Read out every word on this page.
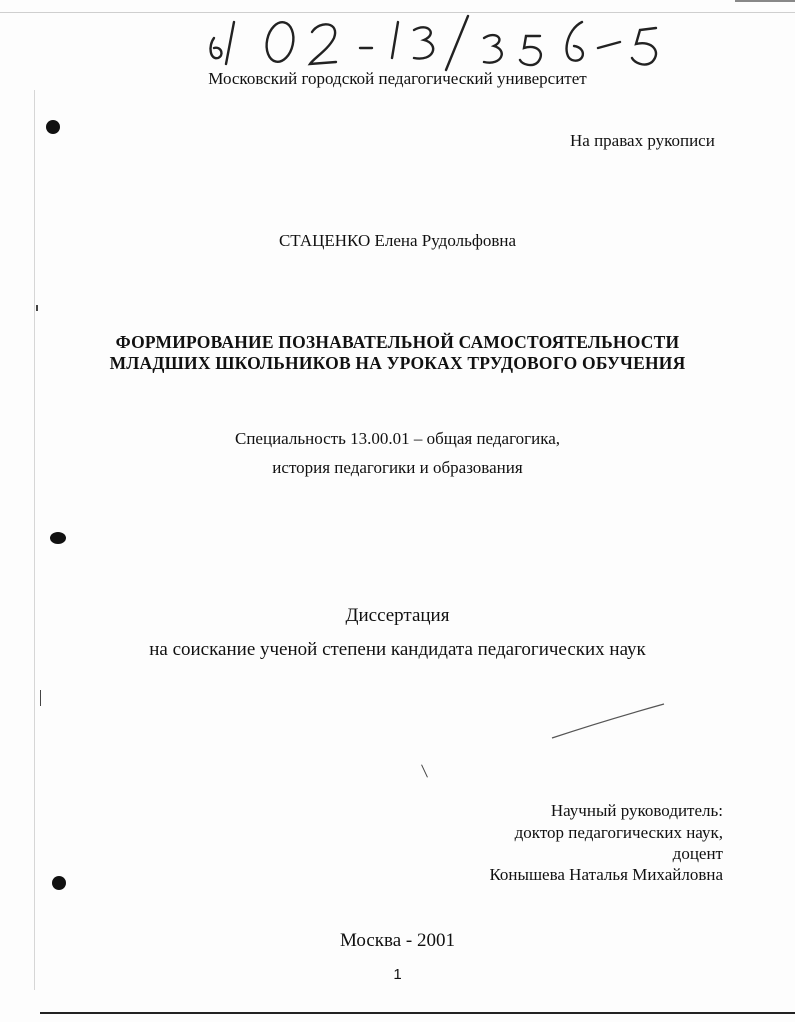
Московский городской педагогический университет
На правах рукописи
СТАЦЕНКО Елена Рудольфовна
ФОРМИРОВАНИЕ ПОЗНАВАТЕЛЬНОЙ САМОСТОЯТЕЛЬНОСТИ
МЛАДШИХ ШКОЛЬНИКОВ НА УРОКАХ ТРУДОВОГО ОБУЧЕНИЯ
Специальность 13.00.01 – общая педагогика,
история педагогики и образования
Диссертация
на соискание ученой степени кандидата педагогических наук
Научный руководитель:
доктор педагогических наук,
доцент
Конышева Наталья Михайловна
Москва - 2001
1
